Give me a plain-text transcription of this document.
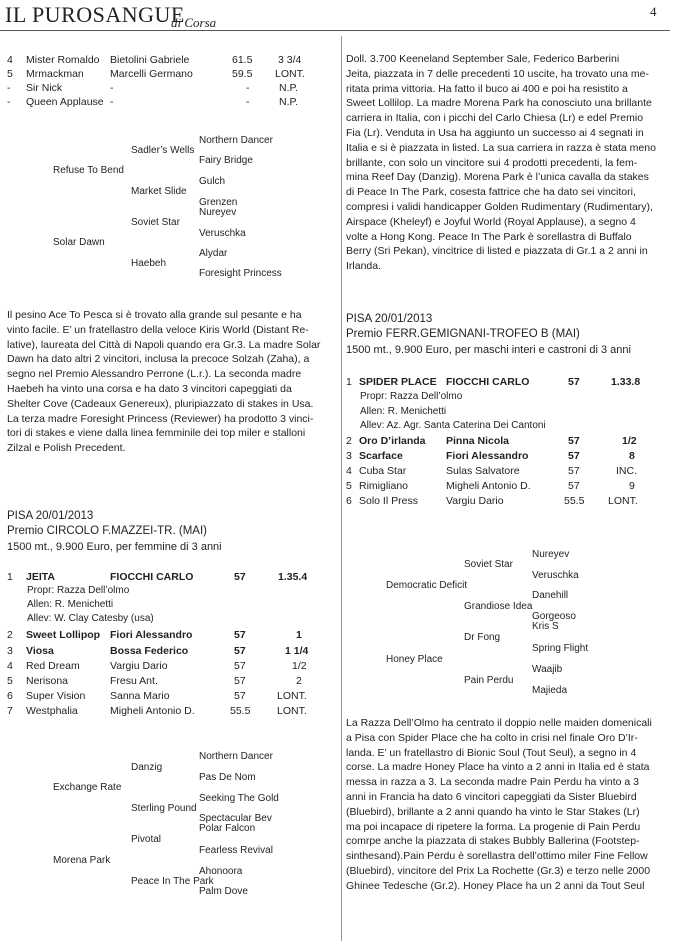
IL PUROSANGUE
di Corsa
4
4 Mister Romaldo Bietolini Gabriele	61.5 3 3/4
5 Mrmackman Marcelli Germano	59.5 LONT.
- Sir Nick	-	-	N.P.
- Queen Applause -	-	N.P.
Northern Dancer
Sadler’s Wells
Fairy Bridge
Refuse To Bend
Gulch
Market Slide
Grenzen
Nureyev
Soviet Star
Veruschka
Solar Dawn
Alydar
Haebeh
Foresight Princess
Il pesino Ace To Pesca si è trovato alla grande sul pesante e ha
vinto facile. E’ un fratellastro della veloce Kiris World (Distant Re-
lative), laureata del Città di Napoli quando era Gr.3. La madre Solar
Dawn ha dato altri 2 vincitori, inclusa la precoce Solzah (Zaha), a
segno nel Premio Alessandro Perrone (L.r.). La seconda madre
Haebeh ha vinto una corsa e ha dato 3 vincitori capeggiati da
Shelter Cove (Cadeaux Genereux), pluripiazzato di stakes in Usa.
La terza madre Foresight Princess (Reviewer) ha prodotto 3 vinci-
tori di stakes e viene dalla linea femminile dei top miler e stalloni
Zilzal e Polish Precedent.
PISA 20/01/2013
Premio CIRCOLO F.MAZZEI-TR. (MAI)
1500 mt., 9.900 Euro, per femmine di 3 anni
1 JEITA	FIOCCHI CARLO	57	1.35.4
Propr: Razza Dell’olmo
Allen: R. Menichetti
Allev: W. Clay Catesby (usa)
2 Sweet Lollipop Fiori Alessandro	57	1
3 Viosa	Bossa Federico	57	1 1/4
4 Red Dream	Vargiu Dario	57	1/2
5 Nerisona	Fresu Ant.	57	2
6 Super Vision Sanna Mario	57	LONT.
7 Westphalia	Migheli Antonio D.	55.5	LONT.
Northern Dancer
Danzig
Pas De Nom
Exchange Rate
Seeking The Gold
Sterling Pound
Spectacular Bev
Polar Falcon
Pivotal
Fearless Revival
Morena Park
Ahonoora
Peace In The Park
Palm Dove
Doll. 3.700 Keeneland September Sale, Federico Barberini
Jeita, piazzata in 7 delle precedenti 10 uscite, ha trovato una me-
ritata prima vittoria. Ha fatto il buco ai 400 e poi ha resistito a
Sweet Lollilop. La madre Morena Park ha conosciuto una brillante
carriera in Italia, con i picchi del Carlo Chiesa (Lr) e edel Premio
Fia (Lr). Venduta in Usa ha aggiunto un successo ai 4 segnati in
Italia e si è piazzata in listed. La sua carriera in razza è stata meno
brillante, con solo un vincitore sui 4 prodotti precedenti, la fem-
mina Reef Day (Danzig). Morena Park è l’unica cavalla da stakes
di Peace In The Park, cosesta fattrice che ha dato sei vincitori,
compresi i validi handicapper Golden Rudimentary (Rudimentary),
Airspace (Kheleyf) e Joyful World (Royal Applause), a segno 4
volte a Hong Kong. Peace In The Park è sorellastra di Buffalo
Berry (Sri Pekan), vincitrice di listed e piazzata di Gr.1 a 2 anni in
Irlanda.
PISA 20/01/2013
Premio FERR.GEMIGNANI-TROFEO B (MAI)
1500 mt., 9.900 Euro, per maschi interi e castroni di 3 anni
1 SPIDER PLACE FIOCCHI CARLO	57	1.33.8
Propr: Razza Dell’olmo
Allen: R. Menichetti
Allev: Az. Agr. Santa Caterina Dei Cantoni
2 Oro D’irlanda Pinna Nicola	57	1/2
3 Scarface	Fiori Alessandro	57	8
4 Cuba Star	Sulas Salvatore	57	INC.
5 Rimigliano	Migheli Antonio D.	57	9
6 Solo Il Press	Vargiu Dario	55.5 LONT.
Nureyev
Soviet Star
Veruschka
Democratic Deficit
Danehill
Grandiose Idea
Gorgeoso
Kris S
Dr Fong
Spring Flight
Honey Place
Waajib
Pain Perdu
Majieda
La Razza Dell’Olmo ha centrato il doppio nelle maiden domenicali
a Pisa con Spider Place che ha colto in crisi nel finale Oro D’Ir-
landa. E’ un fratellastro di Bionic Soul (Tout Seul), a segno in 4
corse. La madre Honey Place ha vinto a 2 anni in Italia ed è stata
messa in razza a 3. La seconda madre Pain Perdu ha vinto a 3
anni in Francia ha dato 6 vincitori capeggiati da Sister Bluebird
(Bluebird), brillante a 2 anni quando ha vinto le Star Stakes (Lr)
ma poi incapace di ripetere la forma. La progenie di Pain Perdu
comrpe anche la piazzata di stakes Bubbly Ballerina (Footstep-
sinthesand).Pain Perdu è sorellastra dell’ottimo miler Fine Fellow
(Bluebird), vincitore del Prix La Rochette (Gr.3) e terzo nelle 2000
Ghinee Tedesche (Gr.2). Honey Place ha un 2 anni da Tout Seul
